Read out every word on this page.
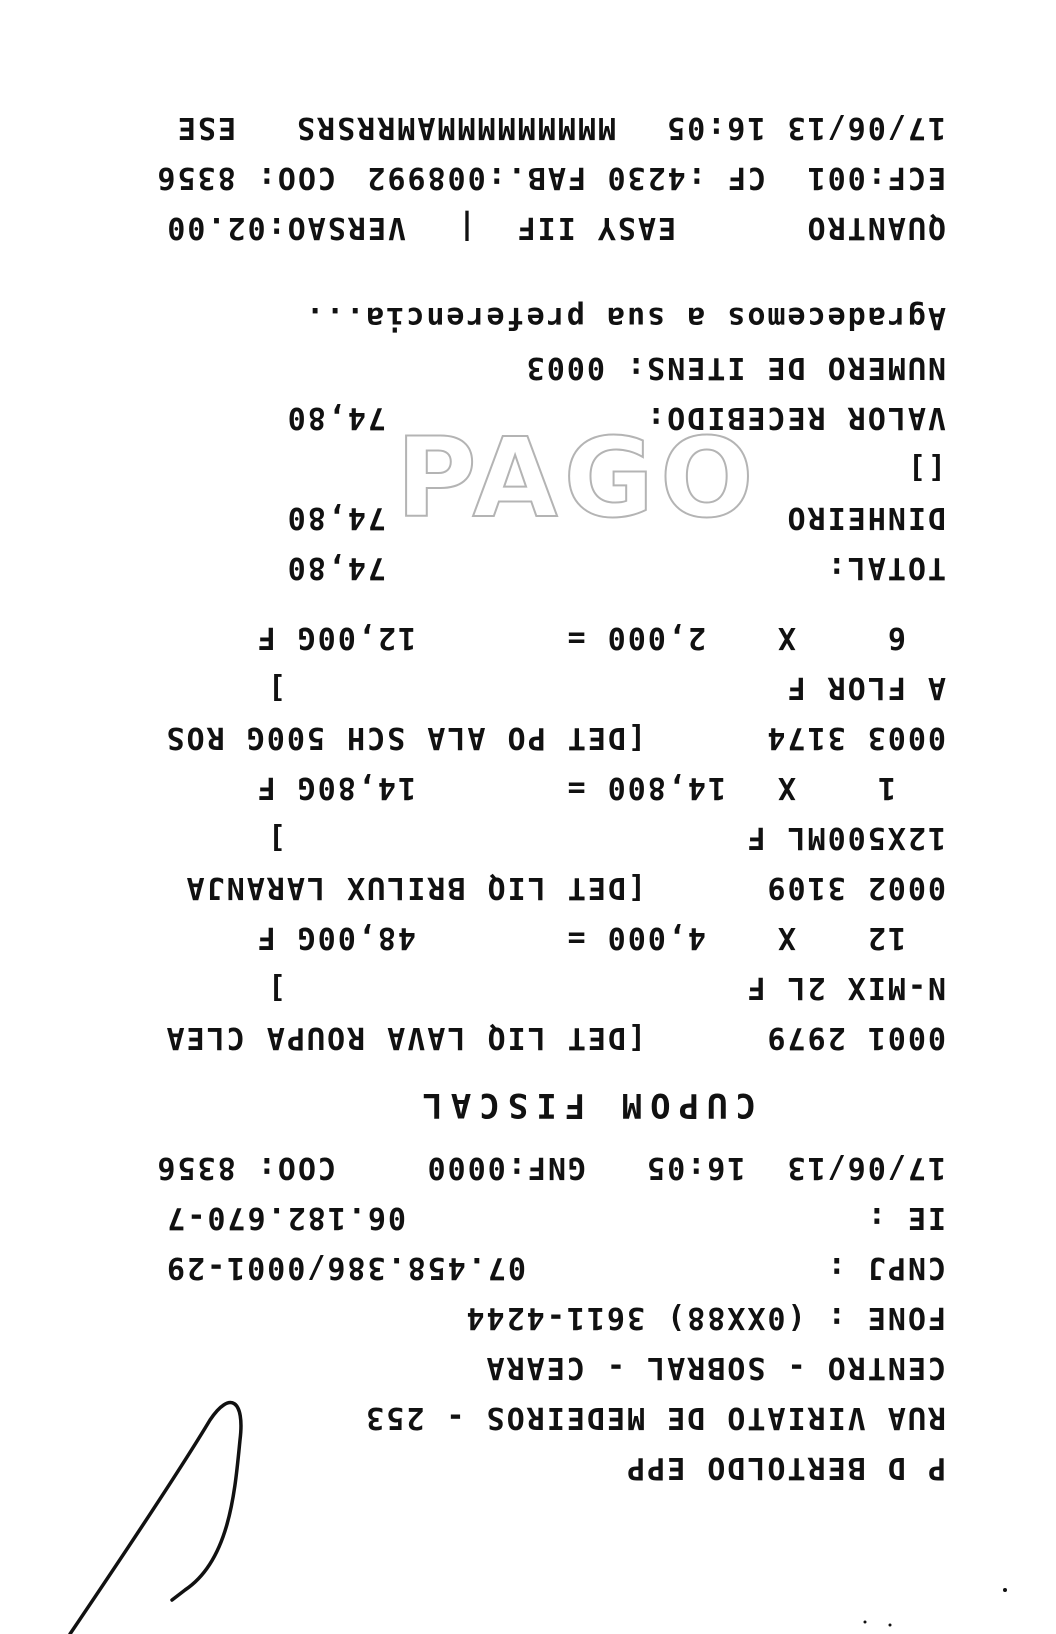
P D BERTOLDO EPP
RUA VIRIATO DE MEDEIROS - 253
CENTRO - SOBRAL - CEARA
FONE : (0XX88) 3611-4244
CNPJ :
07.458.386/0001-29
IE :
06.182.670-7
17/06/13  16:05
GNF:0000
COO: 8356
CUPOM FISCAL
0001 2979
[DET LIQ LAVA ROUPA CLEA
N-MIX 2L F
]
12
X
4,000 =
48,00G F
0002 3109
[DET LIQ BRILUX LARANJA
12X500ML F
]
1
X
14,800 =
14,80G F
0003 3174
[DET PO ALA SCH 500G ROS
A FLOR F
]
6
X
2,000 =
12,00G F
TOTAL:
74,80
DINHEIRO
74,80
[]
VALOR RECEBIDO:
74,80
NUMERO DE ITENS: 0003
Agradecemos a sua preferencia...
QUANTRO
EASY IIF
|
VERSAO:02.00
ECF:001
CF :4230
FAB.:008992
COO: 8356
17/06/13 16:05
MMMMMMMMMAMRRSRS
ESE
PAGO
